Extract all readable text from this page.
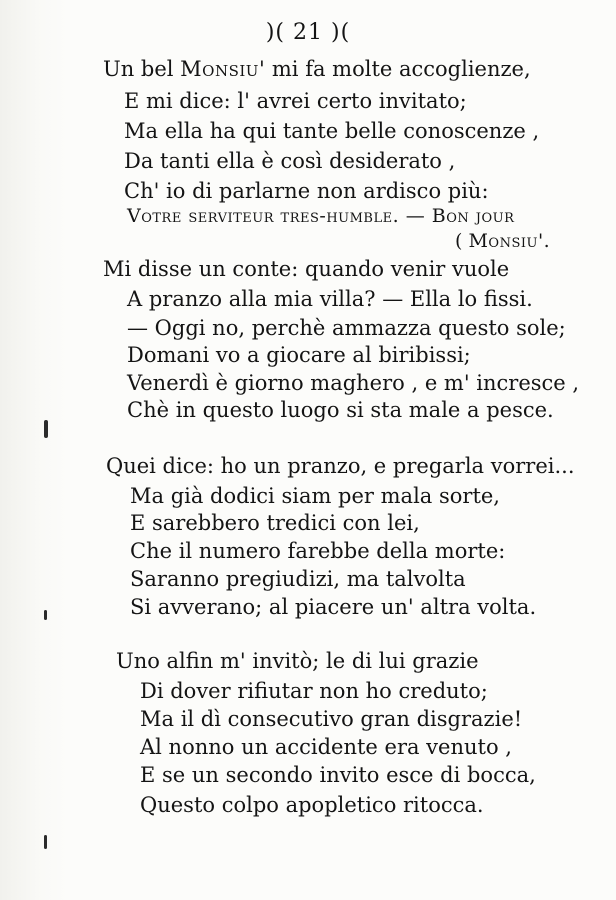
)( 21 )(
Un bel Monsiu' mi fa molte accoglienze,
E mi dice: l' avrei certo invitato;
Ma ella ha qui tante belle conoscenze ,
Da tanti ella è così desiderato ,
Ch' io di parlarne non ardisco più:
Votre serviteur tres-humble. — Bon jour
( Monsiu'.
Mi disse un conte: quando venir vuole
A pranzo alla mia villa? — Ella lo fissi.
— Oggi no, perchè ammazza questo sole;
Domani vo a giocare al biribissi;
Venerdì è giorno maghero , e m' incresce ,
Chè in questo luogo si sta male a pesce.
Quei dice: ho un pranzo, e pregarla vorrei...
Ma già dodici siam per mala sorte,
E sarebbero tredici con lei,
Che il numero farebbe della morte:
Saranno pregiudizi, ma talvolta
Si avverano; al piacere un' altra volta.
Uno alfin m' invitò; le di lui grazie
Di dover rifiutar non ho creduto;
Ma il dì consecutivo gran disgrazie!
Al nonno un accidente era venuto ,
E se un secondo invito esce di bocca,
Questo colpo apopletico ritocca.
